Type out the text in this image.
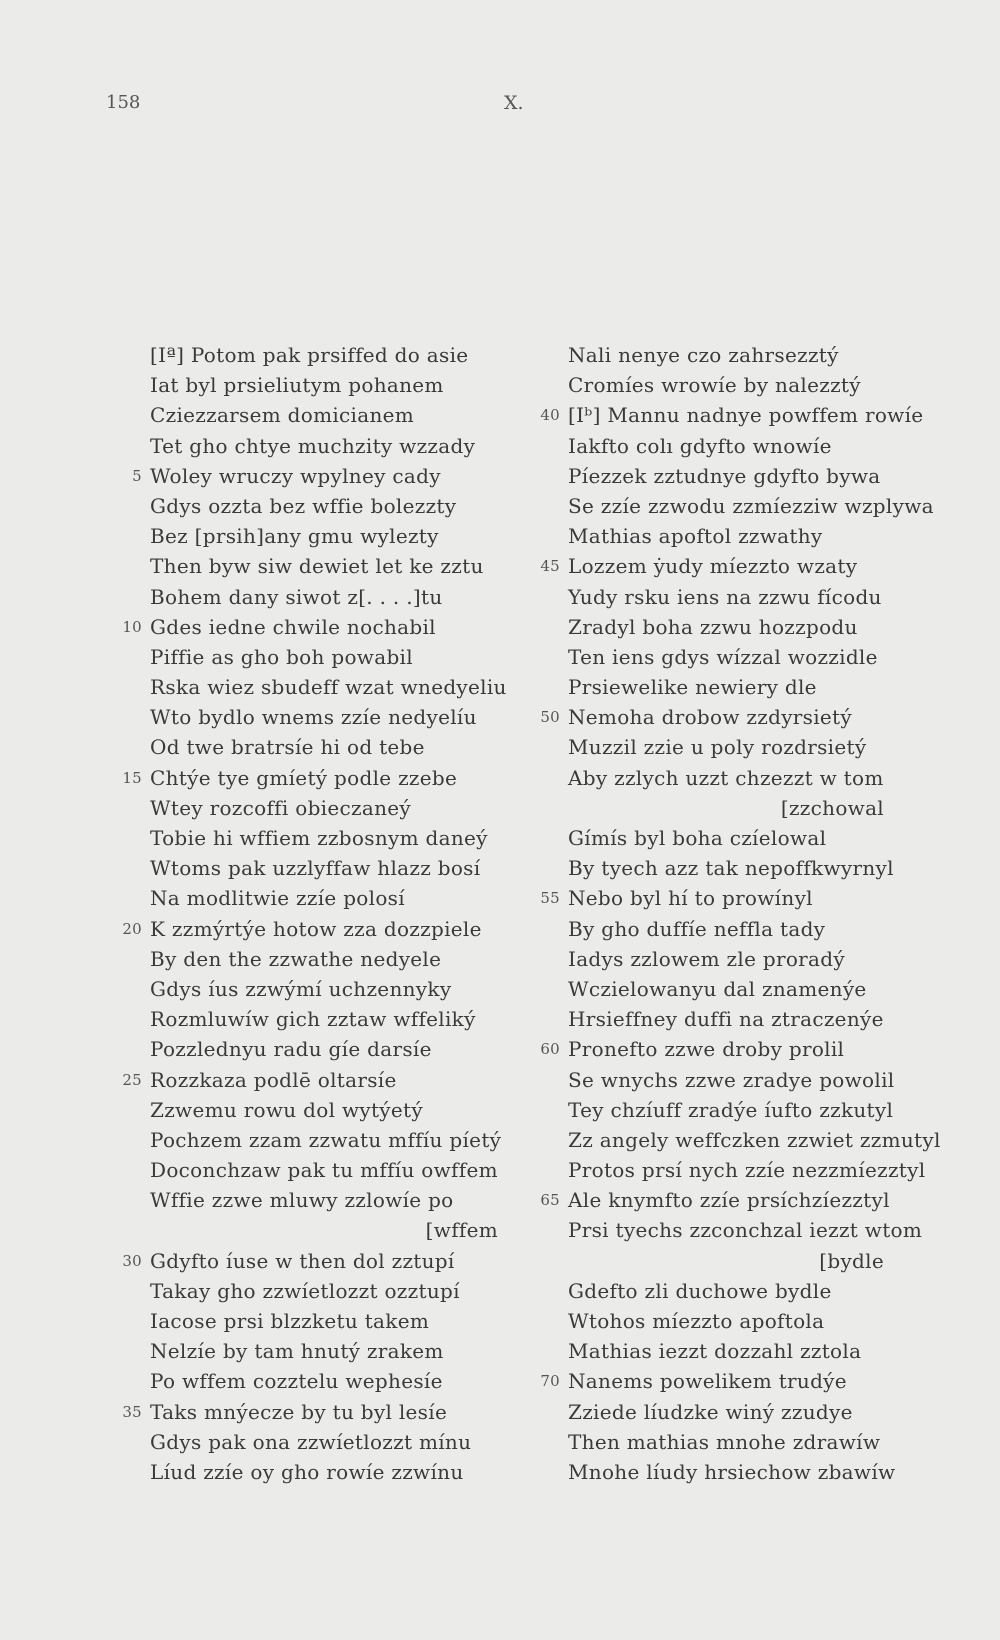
158	X.
[Iª] Potom pak prsiffed do asie
Iat byl prsieliutym pohanem
Cziezzarsem domicianem
Tet gho chtye muchzity wzzady
5 Woley wruczy wpylney cady
Gdys ozzta bez wffie bolezzty
Bez [prsih]any gmu wylezty
Then byw siw dewiet let ke zztu
Bohem dany siwot z[. . . .]tu
10 Gdes iedne chwile nochabil
Piffie as gho boh powabil
Rska wiez sbudeff wzat wnedyeliu
Wto bydlo wnems zzíe nedyelíu
Od twe bratrsíe hi od tebe
15 Chtýe tye gmíetý podle zzebe
Wtey rozcoffi obieczaneý
Tobie hi wffiem zzbosnym daneý
Wtoms pak uzzlyffaw hlazz bosí
Na modlitwie zzíe polosí
20 K zzmýrtýe hotow zza dozzpiele
By den the zzwathe nedyele
Gdys íus zzwýmí uchzennyky
Rozmluwíw gich zztaw wffeliký
Pozzlednyu radu gíe darsíe
25 Rozzkaza podlē oltarsíe
Zzwemu rowu dol wytýetý
Pochzem zzam zzwatu mffíu píetý
Doconchzaw pak tu mffíu owffem
Wffie zzwe mluwy zzlowíe po
[wffem
30 Gdyfto íuse w then dol zztupí
Takay gho zzwíetlozzt ozztupí
Iacose prsi blzzketu takem
Nelzíe by tam hnutý zrakem
Po wffem cozztelu wephesíe
35 Taks mnýecze by tu byl lesíe
Gdys pak ona zzwíetlozzt mínu
Líud zzíe oy gho rowíe zzwínu
Nali nenye czo zahrsezztý
Cromíes wrowíe by nalezztý
40 [Iᵇ] Mannu nadnye powffem rowíe
Iakfto colı gdyfto wnowíe
Píezzek zztudnye gdyfto bywa
Se zzíe zzwodu zzmíezziw wzplywa
Mathias apoftol zzwathy
45 Lozzem ẏudy míezzto wzaty
Yudy rsku iens na zzwu fícodu
Zradyl boha zzwu hozzpodu
Ten iens gdys wízzal wozzidle
Prsiewelike newiery dle
50 Nemoha drobow zzdyrsietý
Muzzil zzie u poly rozdrsietý
Aby zzlych uzzt chzezzt w tom
[zzchowal
Gímís byl boha czíelowal
By tyech azz tak nepoffkwyrnyl
55 Nebo byl hí to prowínyl
By gho duffíe neffla tady
Iadys zzlowem zle proradý
Wczielowanyu dal znamenýe
Hrsieffney duffi na ztraczenýe
60 Pronefto zzwe droby prolil
Se wnychs zzwe zradye powolil
Tey chzíuff zradýe íufto zzkutyl
Zz angely weffczken zzwiet zzmutyl
Protos prsí nych zzíe nezzmíezztyl
65 Ale knymfto zzíe prsíchzíezztyl
Prsi tyechs zzconchzal iezzt wtom
[bydle
Gdefto zli duchowe bydle
Wtohos míezzto apoftola
Mathias iezzt dozzahl zztola
70 Nanems powelikem trudýe
Zziede líudzke winý zzudye
Then mathias mnohe zdrawíw
Mnohe líudy hrsiechow zbawíw
